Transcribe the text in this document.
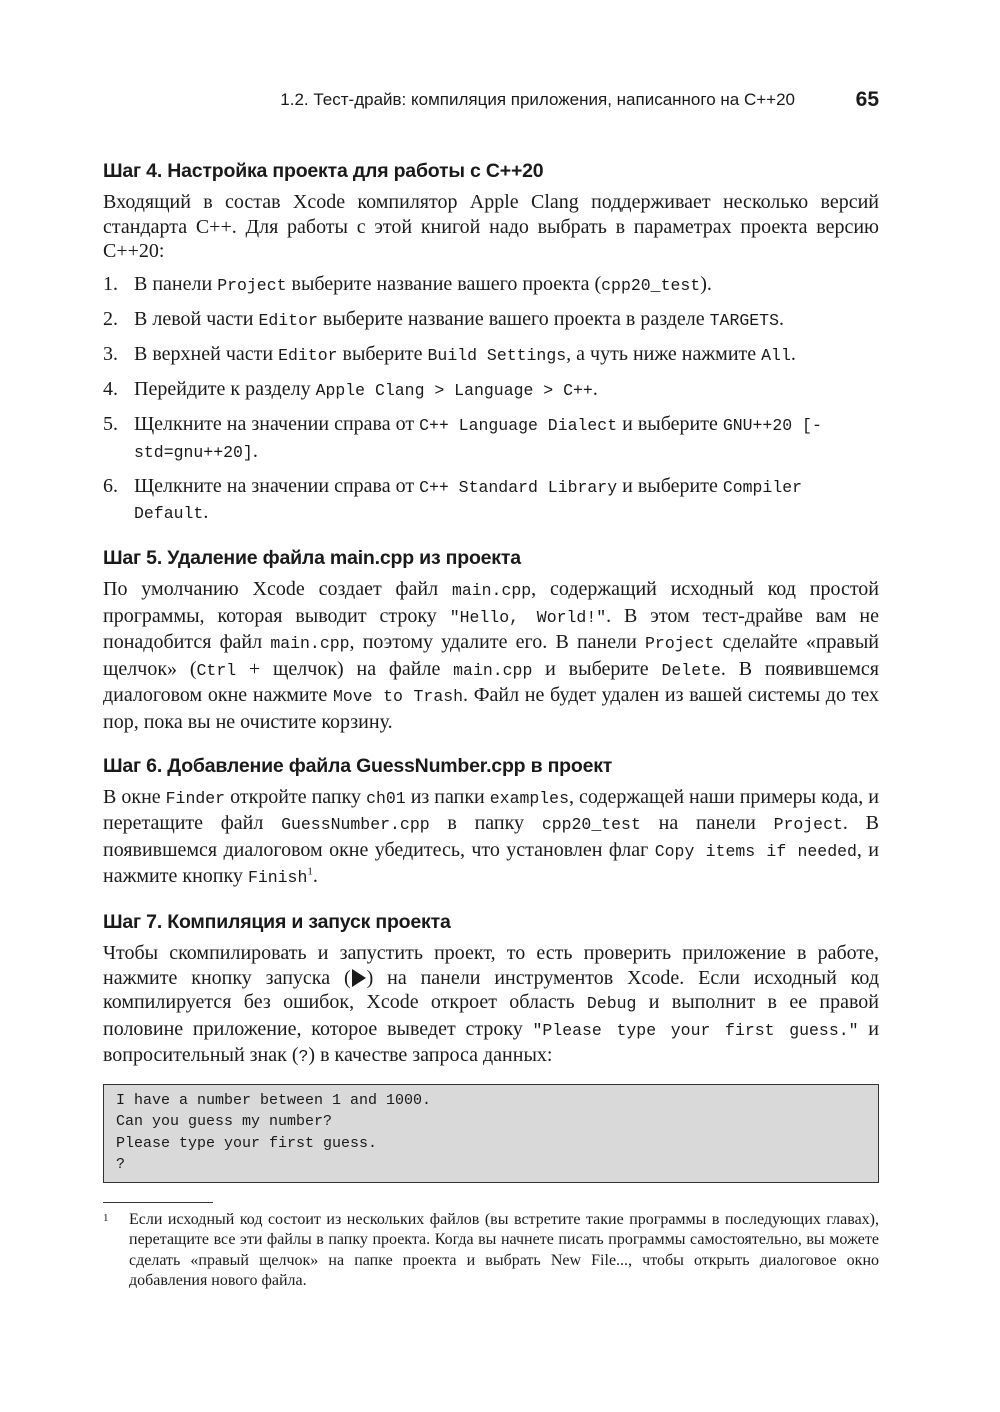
1.2. Тест-драйв: компиляция приложения, написанного на C++20	65
Шаг 4. Настройка проекта для работы с C++20

Входящий в состав Xcode компилятор Apple Clang поддерживает несколько версий стандарта C++. Для работы с этой книгой надо выбрать в параметрах проекта версию C++20:

1. В панели Project выберите название вашего проекта (cpp20_test).
2. В левой части Editor выберите название вашего проекта в разделе TARGETS.
3. В верхней части Editor выберите Build Settings, а чуть ниже нажмите All.
4. Перейдите к разделу Apple Clang > Language > C++.
5. Щелкните на значении справа от C++ Language Dialect и выберите GNU++20 [-std=gnu++20].
6. Щелкните на значении справа от C++ Standard Library и выберите Compiler Default.
Шаг 5. Удаление файла main.cpp из проекта

По умолчанию Xcode создает файл main.cpp, содержащий исходный код простой программы, которая выводит строку "Hello, World!". В этом тест-драйве вам не понадобится файл main.cpp, поэтому удалите его. В панели Project сделайте «правый щелчок» (Ctrl + щелчок) на файле main.cpp и выберите Delete. В появившемся диалоговом окне нажмите Move to Trash. Файл не будет удален из вашей системы до тех пор, пока вы не очистите корзину.

Шаг 6. Добавление файла GuessNumber.cpp в проект

В окне Finder откройте папку ch01 из папки examples, содержащей наши примеры кода, и перетащите файл GuessNumber.cpp в папку cpp20_test на панели Project. В появившемся диалоговом окне убедитесь, что установлен флаг Copy items if needed, и нажмите кнопку Finish$^1$.

Шаг 7. Компиляция и запуск проекта

Чтобы скомпилировать и запустить проект, то есть проверить приложение в работе, нажмите кнопку запуска ( ) на панели инструментов Xcode. Если исходный код компилируется без ошибок, Xcode откроет область Debug и выполнит в ее правой половине приложение, которое выведет строку "Please type your first guess." и вопросительный знак (?) в качестве запроса данных:

I have a number between 1 and 1000.
Can you guess my number?
Please type your first guess.
?
1 Если исходный код состоит из нескольких файлов (вы встретите такие программы в последующих главах), перетащите все эти файлы в папку проекта. Когда вы начнете писать программы самостоятельно, вы можете сделать «правый щелчок» на папке проекта и выбрать New File..., чтобы открыть диалоговое окно добавления нового файла.
